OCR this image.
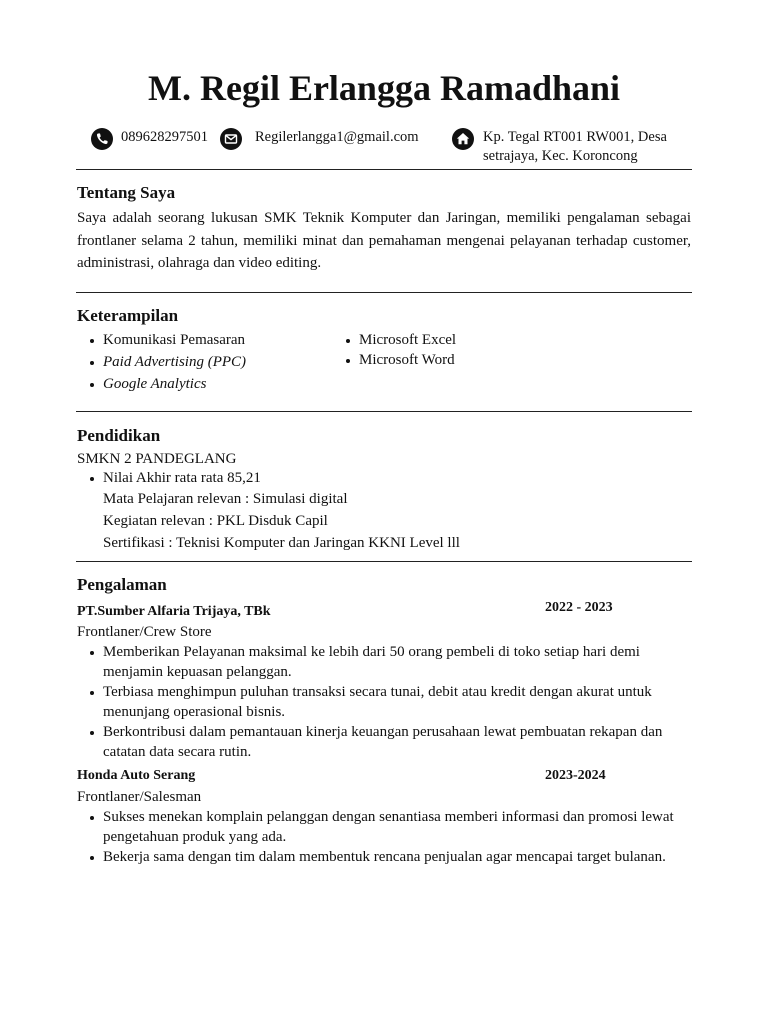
M. Regil Erlangga Ramadhani
089628297501	Regilerlangga1@gmail.com	Kp. Tegal RT001 RW001, Desa
setrajaya, Kec. Koroncong
Tentang Saya
Saya adalah seorang lukusan SMK Teknik Komputer dan Jaringan, memiliki pengalaman sebagai frontlaner selama 2 tahun, memiliki minat dan pemahaman mengenai pelayanan terhadap customer, administrasi, olahraga dan video editing.
Keterampilan
Komunikasi Pemasaran
Paid Advertising (PPC)
Google Analytics
Microsoft Excel
Microsoft Word
Pendidikan
SMKN 2 PANDEGLANG
Nilai Akhir rata rata 85,21
Mata Pelajaran relevan : Simulasi digital
Kegiatan relevan : PKL Disduk Capil
Sertifikasi : Teknisi Komputer dan Jaringan KKNI Level lll
Pengalaman
PT.Sumber Alfaria Trijaya, TBk	2022 - 2023
Frontlaner/Crew Store
Memberikan Pelayanan maksimal ke lebih dari 50 orang pembeli di toko setiap hari demi menjamin kepuasan pelanggan.
Terbiasa menghimpun puluhan transaksi secara tunai, debit atau kredit dengan akurat untuk menunjang operasional bisnis.
Berkontribusi dalam pemantauan kinerja keuangan perusahaan lewat pembuatan rekapan dan catatan data secara rutin.
Honda Auto Serang	2023-2024
Frontlaner/Salesman
Sukses menekan komplain pelanggan dengan senantiasa memberi informasi dan promosi lewat pengetahuan produk yang ada.
Bekerja sama dengan tim dalam membentuk rencana penjualan agar mencapai target bulanan.
